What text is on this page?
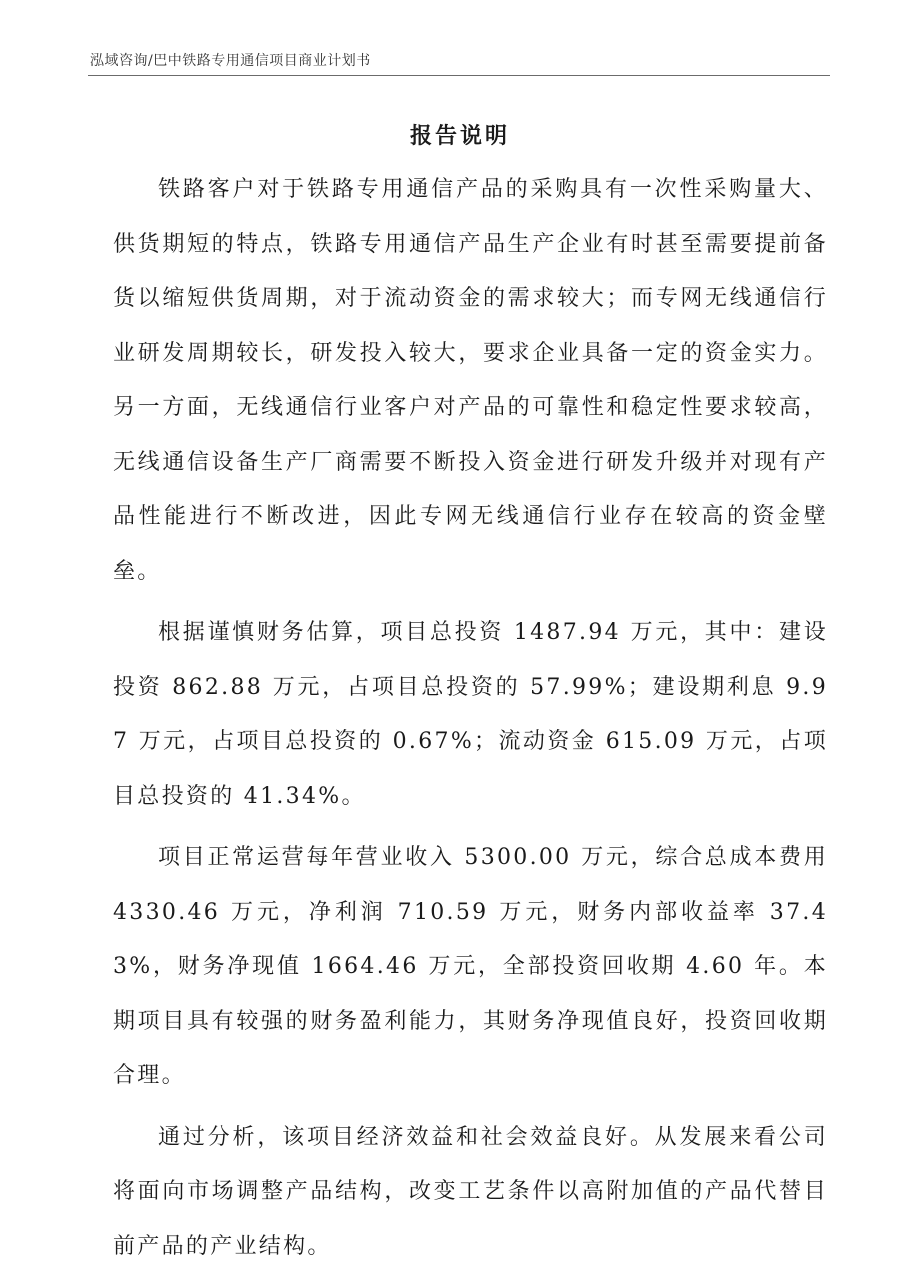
泓域咨询/巴中铁路专用通信项目商业计划书
报告说明

铁路客户对于铁路专用通信产品的采购具有一次性采购量大、供货期短的特点，铁路专用通信产品生产企业有时甚至需要提前备货以缩短供货周期，对于流动资金的需求较大；而专网无线通信行业研发周期较长，研发投入较大，要求企业具备一定的资金实力。另一方面，无线通信行业客户对产品的可靠性和稳定性要求较高，无线通信设备生产厂商需要不断投入资金进行研发升级并对现有产品性能进行不断改进，因此专网无线通信行业存在较高的资金壁垒。

根据谨慎财务估算，项目总投资 1487.94 万元，其中：建设投资 862.88 万元，占项目总投资的 57.99%；建设期利息 9.97 万元，占项目总投资的 0.67%；流动资金 615.09 万元，占项目总投资的 41.34%。

项目正常运营每年营业收入 5300.00 万元，综合总成本费用 4330.46 万元，净利润 710.59 万元，财务内部收益率 37.43%，财务净现值 1664.46 万元，全部投资回收期 4.60 年。本期项目具有较强的财务盈利能力，其财务净现值良好，投资回收期合理。

通过分析，该项目经济效益和社会效益良好。从发展来看公司将面向市场调整产品结构，改变工艺条件以高附加值的产品代替目前产品的产业结构。
